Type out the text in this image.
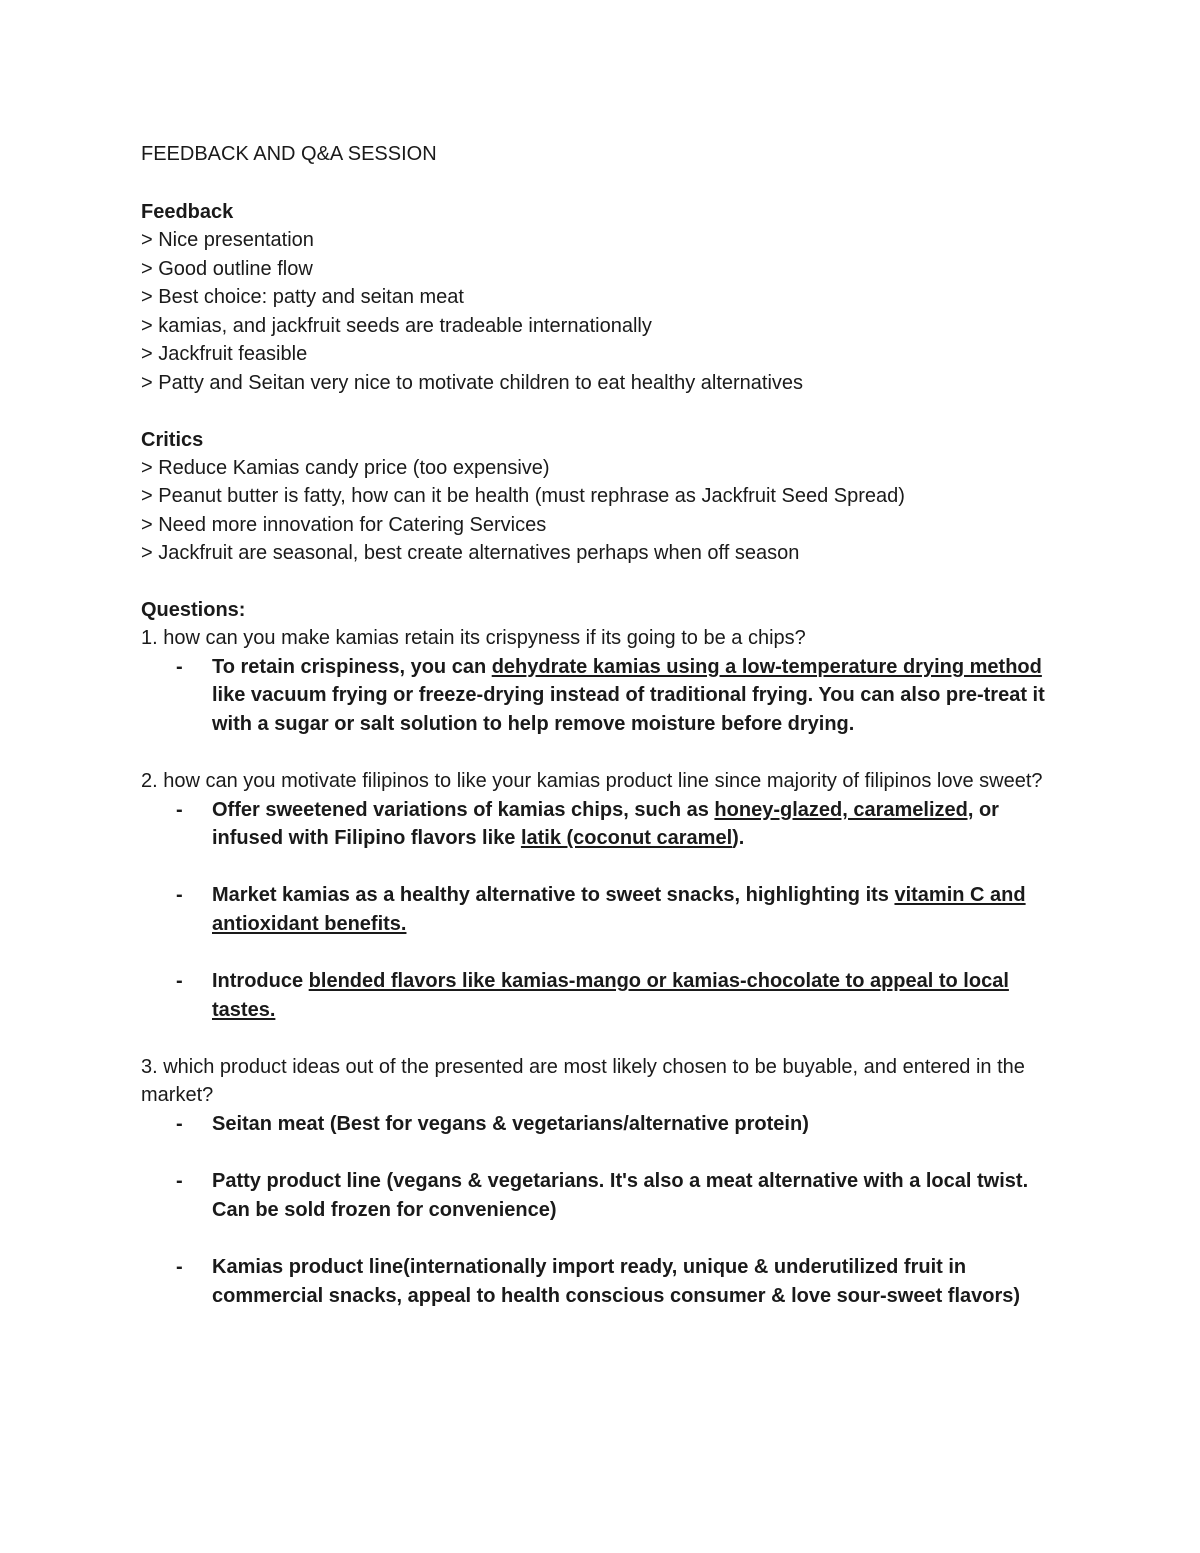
FEEDBACK AND Q&A SESSION

Feedback

> Nice presentation

> Good outline flow

> Best choice: patty and seitan meat

> kamias, and jackfruit seeds are tradeable internationally

> Jackfruit feasible

> Patty and Seitan very nice to motivate children to eat healthy alternatives

Critics

> Reduce Kamias candy price (too expensive)

> Peanut butter is fatty, how can it be health (must rephrase as Jackfruit Seed Spread)

> Need more innovation for Catering Services

> Jackfruit are seasonal, best create alternatives perhaps when off season

Questions:

1. how can you make kamias retain its crispyness if its going to be a chips?

- To retain crispiness, you can dehydrate kamias using a low-temperature drying method like vacuum frying or freeze-drying instead of traditional frying. You can also pre-treat it with a sugar or salt solution to help remove moisture before drying.

2. how can you motivate filipinos to like your kamias product line since majority of filipinos love sweet?

- Offer sweetened variations of kamias chips, such as honey-glazed, caramelized, or infused with Filipino flavors like latik (coconut caramel).

- Market kamias as a healthy alternative to sweet snacks, highlighting its vitamin C and antioxidant benefits.

- Introduce blended flavors like kamias-mango or kamias-chocolate to appeal to local tastes.

3. which product ideas out of the presented are most likely chosen to be buyable, and entered in the market?

- Seitan meat (Best for vegans & vegetarians/alternative protein)

- Patty product line (vegans & vegetarians. It's also a meat alternative with a local twist. Can be sold frozen for convenience)

- Kamias product line(internationally import ready, unique & underutilized fruit in commercial snacks, appeal to health conscious consumer & love sour-sweet flavors)
